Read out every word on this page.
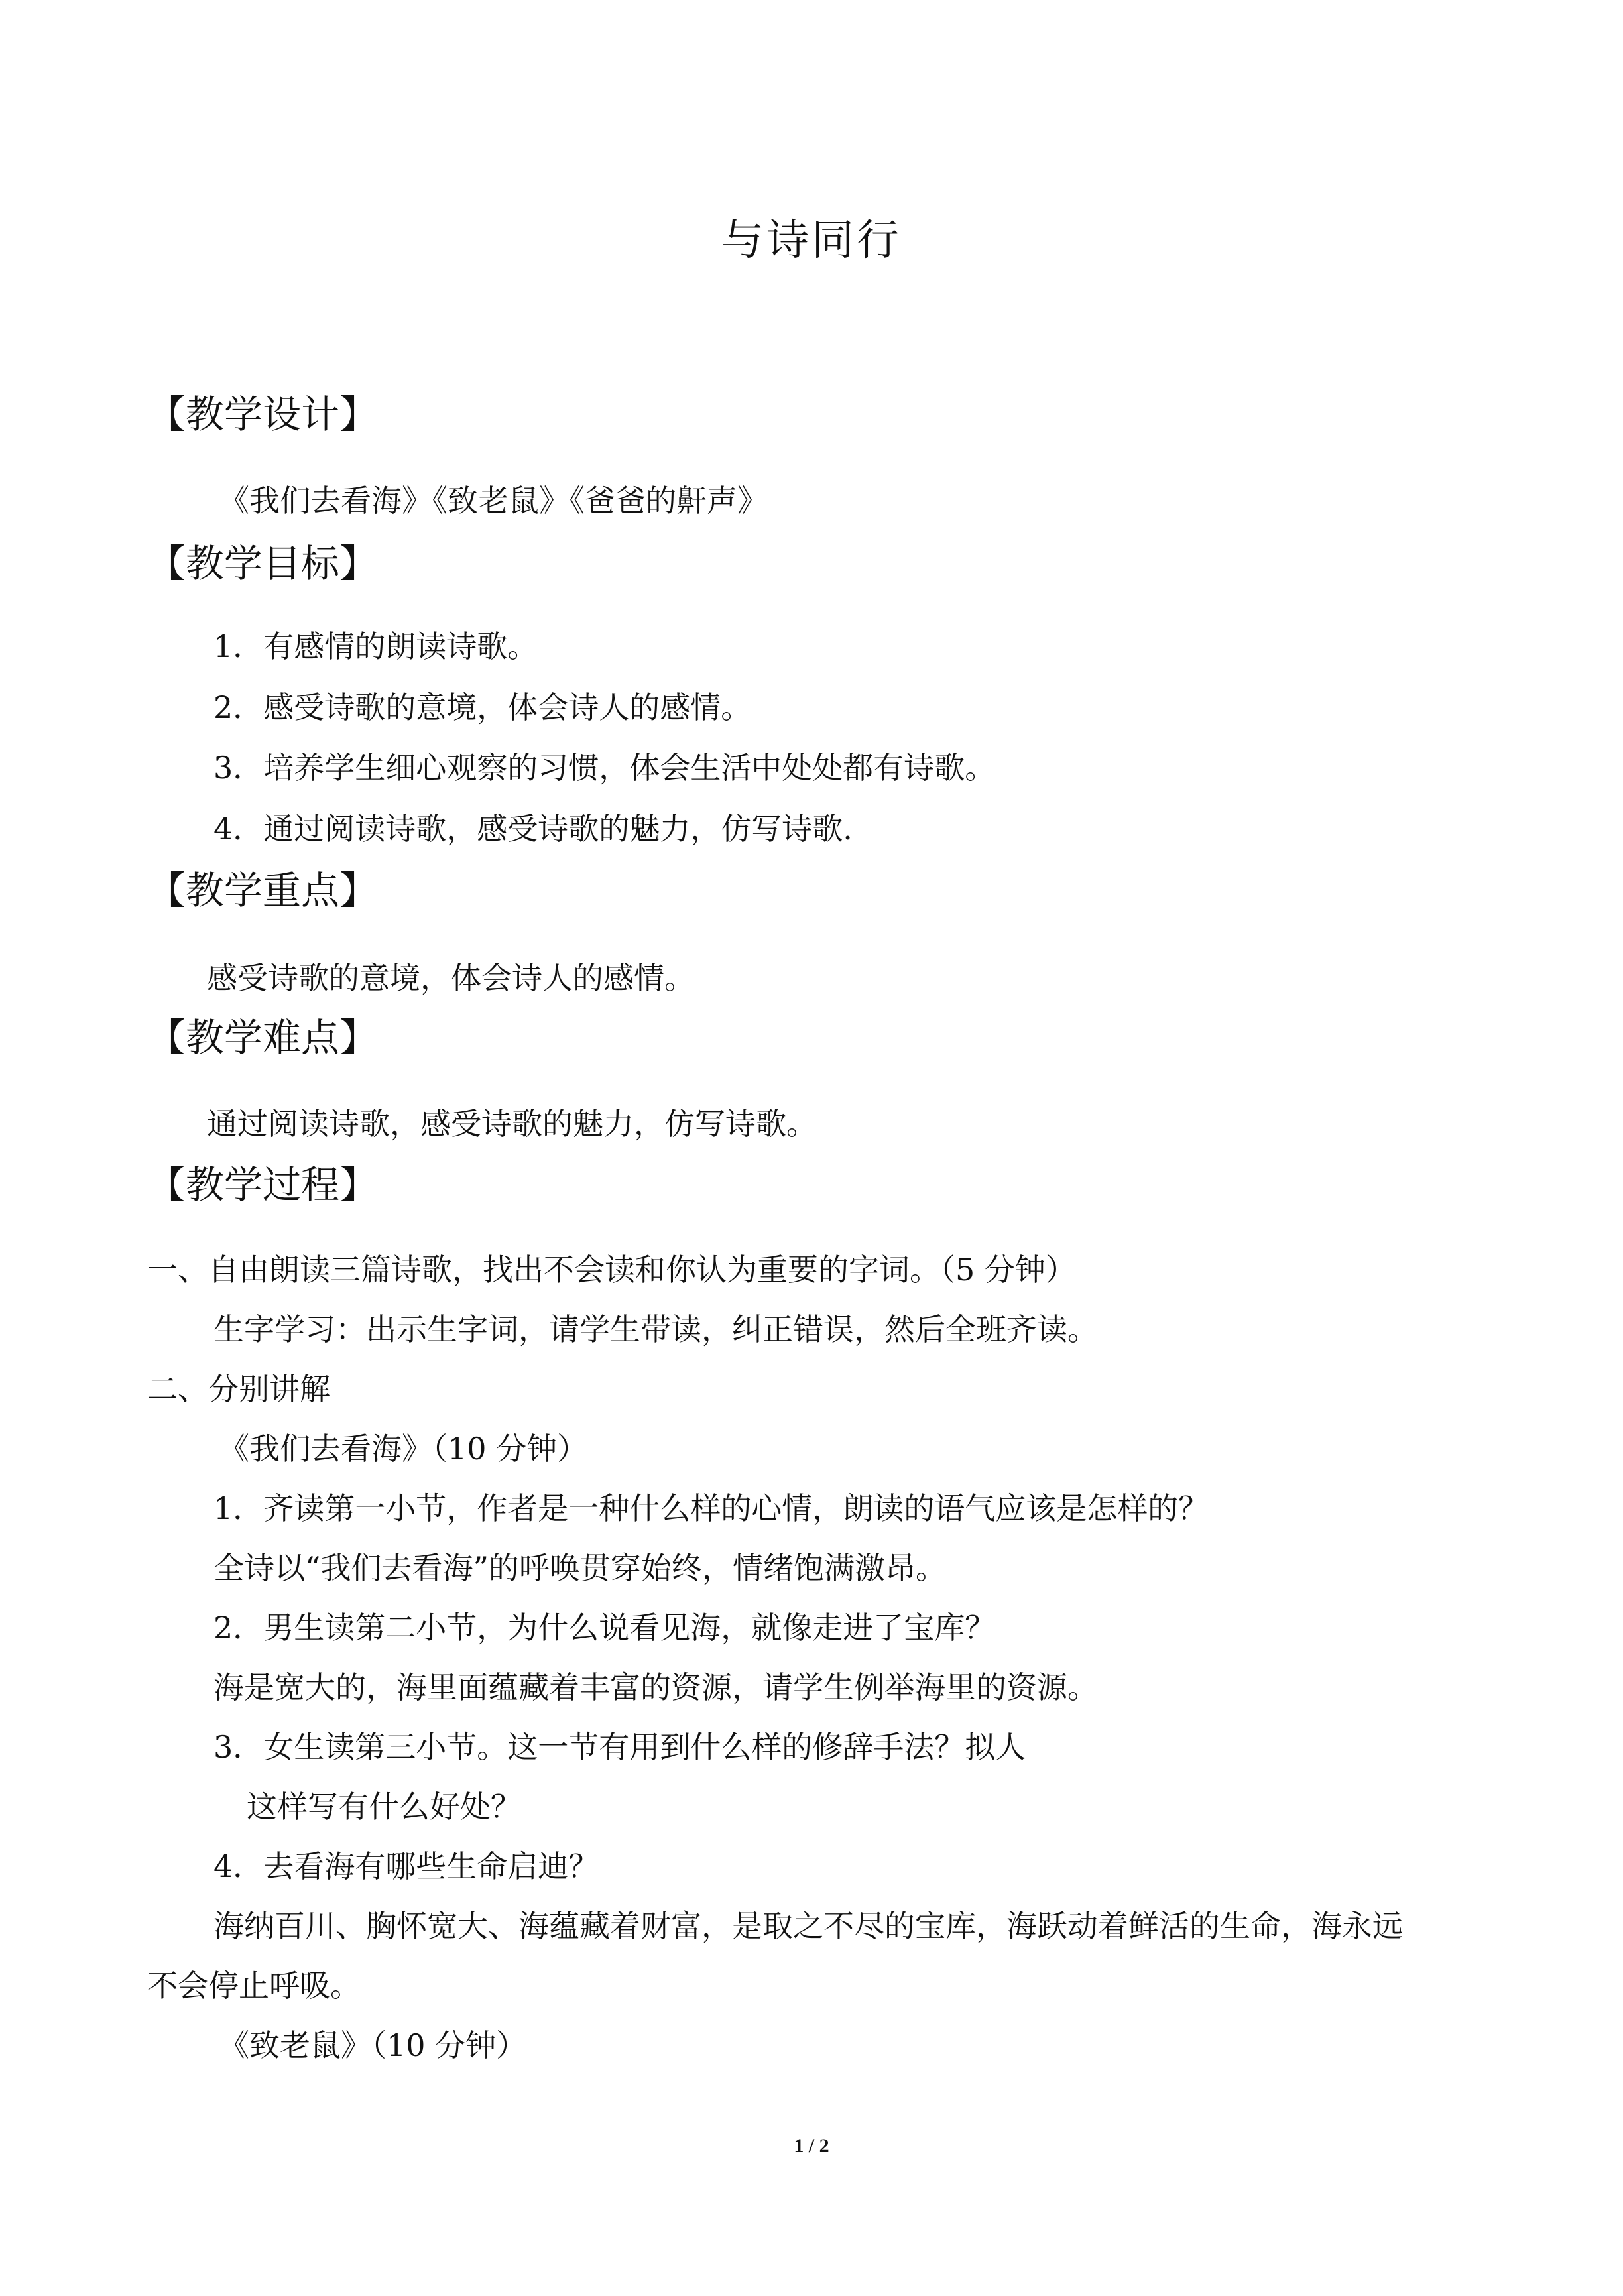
与诗同行
【教学设计】
《我们去看海》《致老鼠》《爸爸的鼾声》
【教学目标】
1．有感情的朗读诗歌。
2．感受诗歌的意境，体会诗人的感情。
3．培养学生细心观察的习惯，体会生活中处处都有诗歌。
4．通过阅读诗歌，感受诗歌的魅力，仿写诗歌.
【教学重点】
感受诗歌的意境，体会诗人的感情。
【教学难点】
通过阅读诗歌，感受诗歌的魅力，仿写诗歌。
【教学过程】
一、自由朗读三篇诗歌，找出不会读和你认为重要的字词。（5 分钟）
生字学习：出示生字词，请学生带读，纠正错误，然后全班齐读。
二、分别讲解
《我们去看海》（10 分钟）
1．齐读第一小节，作者是一种什么样的心情，朗读的语气应该是怎样的？
全诗以“我们去看海”的呼唤贯穿始终，情绪饱满激昂。
2．男生读第二小节，为什么说看见海，就像走进了宝库？
海是宽大的，海里面蕴藏着丰富的资源，请学生例举海里的资源。
3．女生读第三小节。这一节有用到什么样的修辞手法？拟人
这样写有什么好处？
4．去看海有哪些生命启迪？
海纳百川、胸怀宽大、海蕴藏着财富，是取之不尽的宝库，海跃动着鲜活的生命，海永远
不会停止呼吸。
《致老鼠》（10 分钟）
1 / 2
